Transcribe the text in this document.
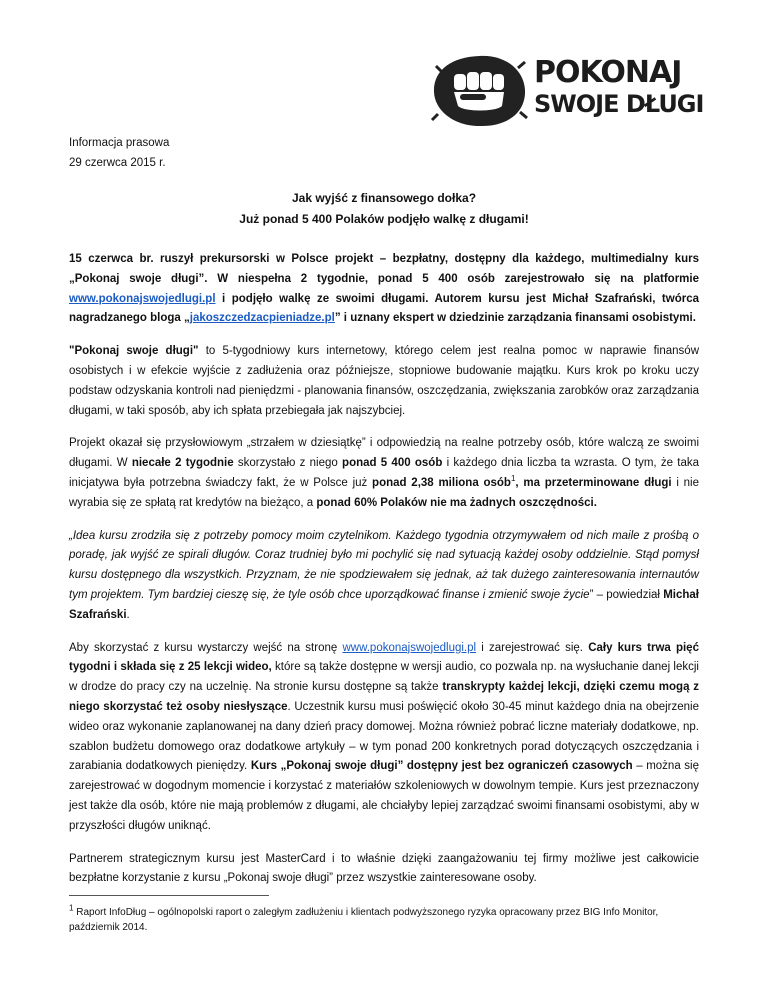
POKONAJ
SWOJE DŁUGI
Informacja prasowa
29 czerwca 2015 r.
Jak wyjść z finansowego dołka?
Już ponad 5 400 Polaków podjęło walkę z długami!

15 czerwca br. ruszył prekursorski w Polsce projekt – bezpłatny, dostępny dla każdego, multimedialny kurs „Pokonaj swoje długi”. W niespełna 2 tygodnie, ponad 5 400 osób zarejestrowało się na platformie www.pokonajswojedlugi.pl i podjęło walkę ze swoimi długami. Autorem kursu jest Michał Szafrański, twórca nagradzanego bloga „jakoszczedzacpieniadze.pl” i uznany ekspert w dziedzinie zarządzania finansami osobistymi.

"Pokonaj swoje długi" to 5-tygodniowy kurs internetowy, którego celem jest realna pomoc w naprawie finansów osobistych i w efekcie wyjście z zadłużenia oraz późniejsze, stopniowe budowanie majątku. Kurs krok po kroku uczy podstaw odzyskania kontroli nad pieniędzmi - planowania finansów, oszczędzania, zwiększania zarobków oraz zarządzania długami, w taki sposób, aby ich spłata przebiegała jak najszybciej.

Projekt okazał się przysłowiowym „strzałem w dziesiątkę” i odpowiedzią na realne potrzeby osób, które walczą ze swoimi długami. W niecałe 2 tygodnie skorzystało z niego ponad 5 400 osób i każdego dnia liczba ta wzrasta. O tym, że taka inicjatywa była potrzebna świadczy fakt, że w Polsce już ponad 2,38 miliona osób$^1$, ma przeterminowane długi i nie wyrabia się ze spłatą rat kredytów na bieżąco, a ponad 60% Polaków nie ma żadnych oszczędności.

„Idea kursu zrodziła się z potrzeby pomocy moim czytelnikom. Każdego tygodnia otrzymywałem od nich maile z prośbą o poradę, jak wyjść ze spirali długów. Coraz trudniej było mi pochylić się nad sytuacją każdej osoby oddzielnie. Stąd pomysł kursu dostępnego dla wszystkich. Przyznam, że nie spodziewałem się jednak, aż tak dużego zainteresowania internautów tym projektem. Tym bardziej cieszę się, że tyle osób chce uporządkować finanse i zmienić swoje życie” – powiedział Michał Szafrański.

Aby skorzystać z kursu wystarczy wejść na stronę www.pokonajswojedlugi.pl i zarejestrować się. Cały kurs trwa pięć tygodni i składa się z 25 lekcji wideo, które są także dostępne w wersji audio, co pozwala np. na wysłuchanie danej lekcji w drodze do pracy czy na uczelnię. Na stronie kursu dostępne są także transkrypty każdej lekcji, dzięki czemu mogą z niego skorzystać też osoby niesłyszące. Uczestnik kursu musi poświęcić około 30-45 minut każdego dnia na obejrzenie wideo oraz wykonanie zaplanowanej na dany dzień pracy domowej. Można również pobrać liczne materiały dodatkowe, np. szablon budżetu domowego oraz dodatkowe artykuły – w tym ponad 200 konkretnych porad dotyczących oszczędzania i zarabiania dodatkowych pieniędzy. Kurs „Pokonaj swoje długi” dostępny jest bez ograniczeń czasowych – można się zarejestrować w dogodnym momencie i korzystać z materiałów szkoleniowych w dowolnym tempie. Kurs jest przeznaczony jest także dla osób, które nie mają problemów z długami, ale chciałyby lepiej zarządzać swoimi finansami osobistymi, aby w przyszłości długów uniknąć.

Partnerem strategicznym kursu jest MasterCard i to właśnie dzięki zaangażowaniu tej firmy możliwe jest całkowicie bezpłatne korzystanie z kursu „Pokonaj swoje długi” przez wszystkie zainteresowane osoby.

$^1$ Raport InfoDług – ogólnopolski raport o zaległym zadłużeniu i klientach podwyższonego ryzyka opracowany przez BIG Info Monitor, październik 2014.
